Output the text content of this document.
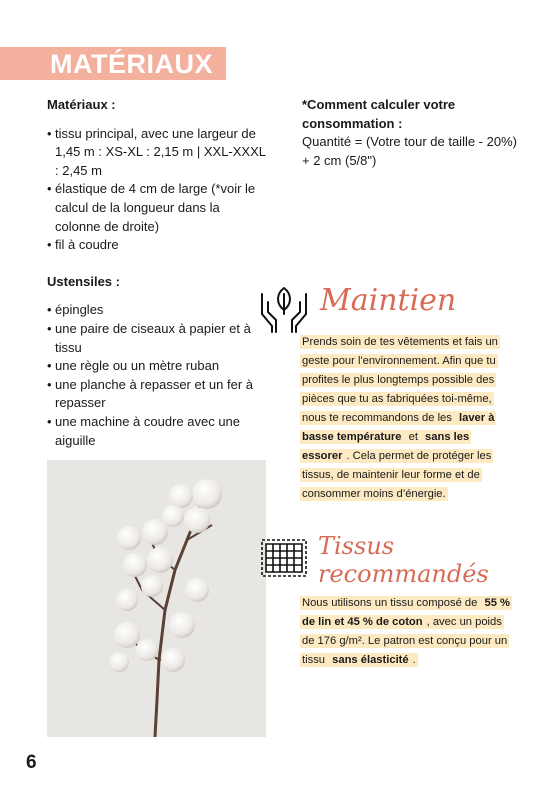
MATÉRIAUX
Matériaux :
• tissu principal, avec une largeur de 1,45 m : XS-XL : 2,15 m | XXL-XXXL : 2,45 m
• élastique de 4 cm de large (*voir le calcul de la longueur dans la colonne de droite)
• fil à coudre
Ustensiles :
• épingles
• une paire de ciseaux à papier et à tissu
• une règle ou un mètre ruban
• une planche à repasser et un fer à repasser
• une machine à coudre avec une aiguille
*Comment calculer votre consommation :
Quantité = (Votre tour de taille - 20%) + 2 cm (5/8")
Maintien
Prends soin de tes vêtements et fais un geste pour l'environnement. Afin que tu profites le plus longtemps possible des pièces que tu as fabriquées toi-même, nous te recommandons de les laver à basse température et sans les essorer . Cela permet de protéger les tissus, de maintenir leur forme et de consommer moins d’énergie.
Tissus recommandés
Nous utilisons un tissu composé de 55 % de lin et 45 % de coton , avec un poids de 176 g/m². Le patron est conçu pour un tissu sans élasticité .
6
